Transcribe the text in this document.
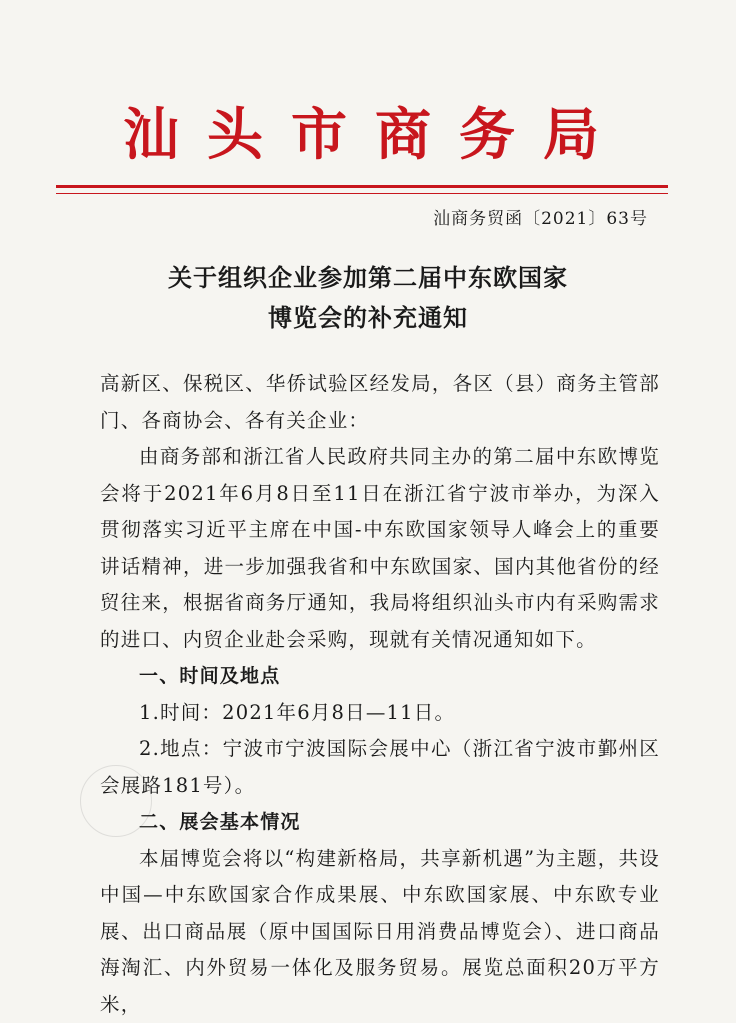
汕头市商务局
汕商务贸函〔2021〕63号
关于组织企业参加第二届中东欧国家
博览会的补充通知

高新区、保税区、华侨试验区经发局，各区（县）商务主管部门、各商协会、各有关企业：

由商务部和浙江省人民政府共同主办的第二届中东欧博览会将于2021年6月8日至11日在浙江省宁波市举办，为深入贯彻落实习近平主席在中国-中东欧国家领导人峰会上的重要讲话精神，进一步加强我省和中东欧国家、国内其他省份的经贸往来，根据省商务厅通知，我局将组织汕头市内有采购需求的进口、内贸企业赴会采购，现就有关情况通知如下。

一、时间及地点

1.时间：2021年6月8日—11日。

2.地点：宁波市宁波国际会展中心（浙江省宁波市鄞州区会展路181号）。

二、展会基本情况

本届博览会将以“构建新格局，共享新机遇”为主题，共设中国—中东欧国家合作成果展、中东欧国家展、中东欧专业展、出口商品展（原中国国际日用消费品博览会）、进口商品海淘汇、内外贸易一体化及服务贸易。展览总面积20万平方米，
